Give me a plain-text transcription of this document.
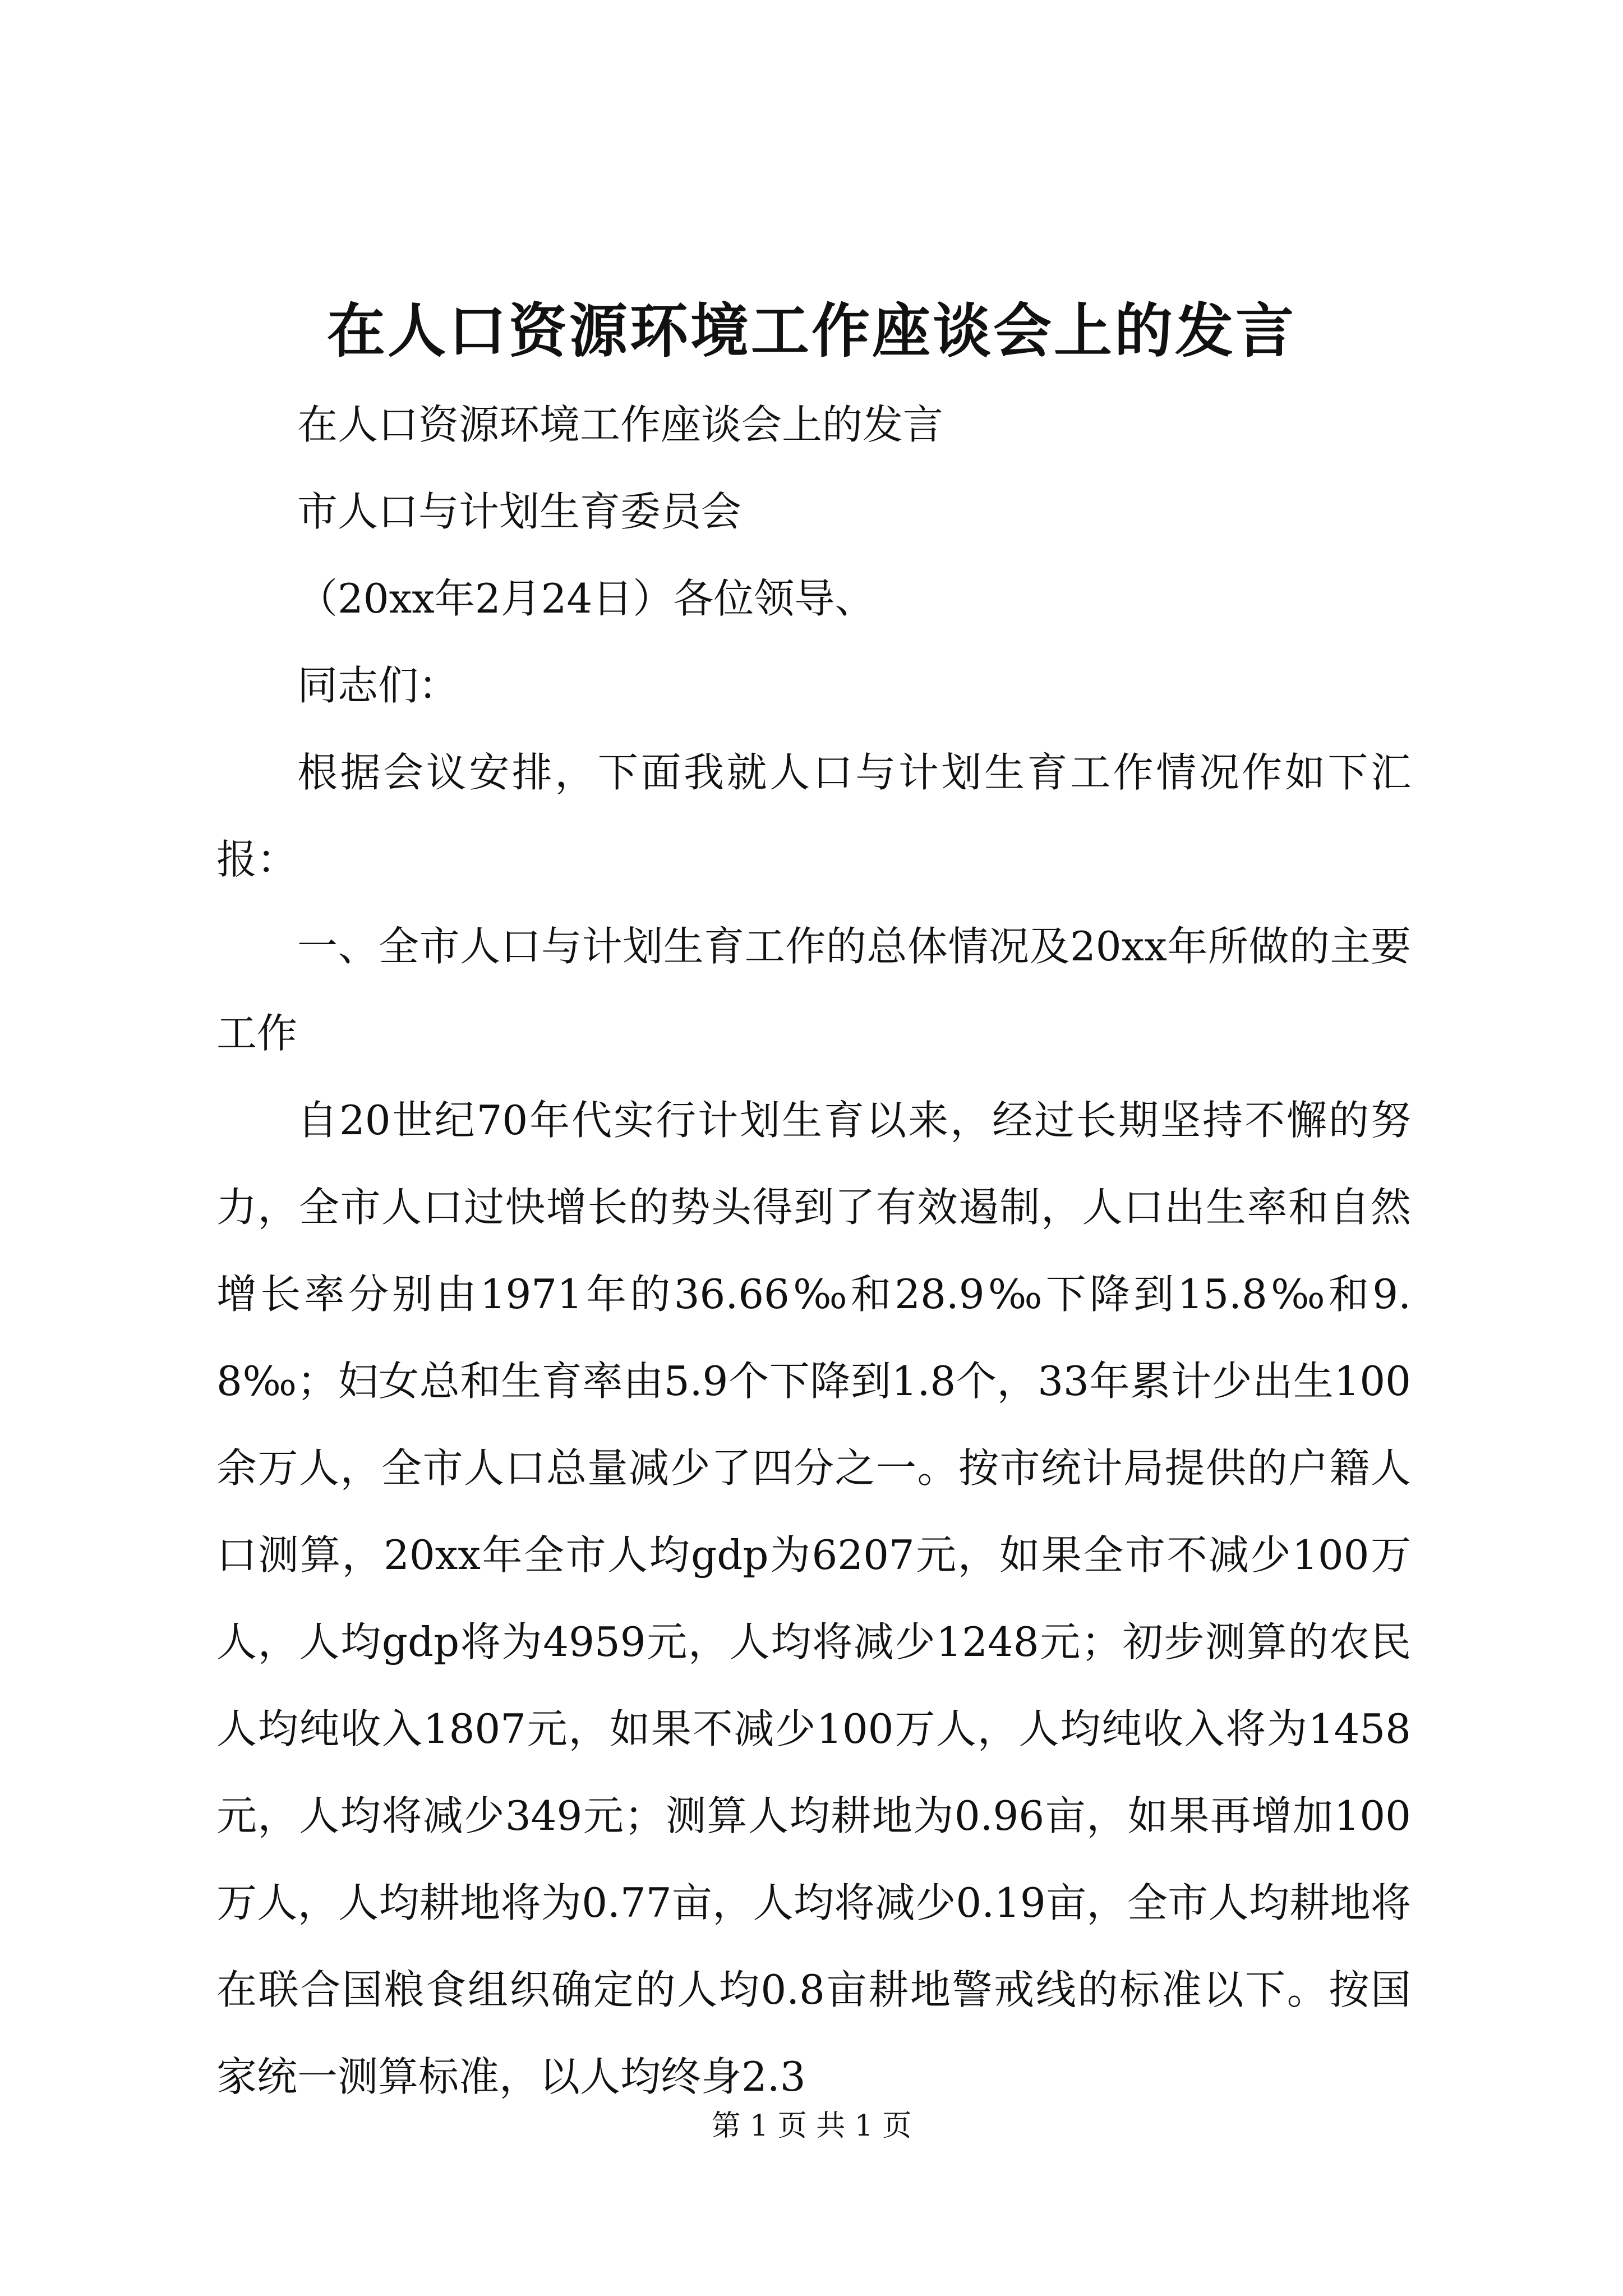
在人口资源环境工作座谈会上的发言

在人口资源环境工作座谈会上的发言

市人口与计划生育委员会

（20xx年2月24日）各位领导、

同志们：

根据会议安排，下面我就人口与计划生育工作情况作如下汇报：

一、全市人口与计划生育工作的总体情况及20xx年所做的主要工作

自20世纪70年代实行计划生育以来，经过长期坚持不懈的努力，全市人口过快增长的势头得到了有效遏制，人口出生率和自然增长率分别由1971年的36.66‰和28.9‰下降到15.8‰和9.8‰；妇女总和生育率由5.9个下降到1.8个，33年累计少出生100余万人，全市人口总量减少了四分之一。按市统计局提供的户籍人口测算，20xx年全市人均gdp为6207元，如果全市不减少100万人，人均gdp将为4959元，人均将减少1248元；初步测算的农民人均纯收入1807元，如果不减少100万人，人均纯收入将为1458元，人均将减少349元；测算人均耕地为0.96亩，如果再增加100万人，人均耕地将为0.77亩，人均将减少0.19亩，全市人均耕地将在联合国粮食组织确定的人均0.8亩耕地警戒线的标准以下。按国家统一测算标准，以人均终身2.3

第 1 页 共 1 页
